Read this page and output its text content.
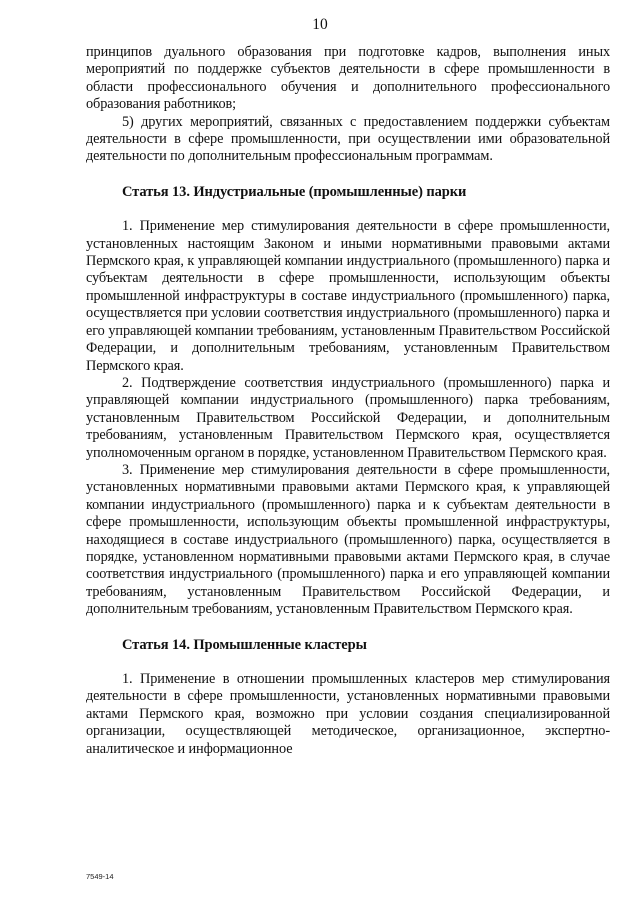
10

принципов дуального образования при подготовке кадров, выполнения иных мероприятий по поддержке субъектов деятельности в сфере промышленности в области профессионального обучения и дополнительного профессионального образования работников;

5) других мероприятий, связанных с предоставлением поддержки субъектам деятельности в сфере промышленности, при осуществлении ими образовательной деятельности по дополнительным профессиональным программам.

Статья 13. Индустриальные (промышленные) парки

1. Применение мер стимулирования деятельности в сфере промышленности, установленных настоящим Законом и иными нормативными правовыми актами Пермского края, к управляющей компании индустриального (промышленного) парка и субъектам деятельности в сфере промышленности, использующим объекты промышленной инфраструктуры в составе индустриального (промышленного) парка, осуществляется при условии соответствия индустриального (промышленного) парка и его управляющей компании требованиям, установленным Правительством Российской Федерации, и дополнительным требованиям, установленным Правительством Пермского края.

2. Подтверждение соответствия индустриального (промышленного) парка и управляющей компании индустриального (промышленного) парка требованиям, установленным Правительством Российской Федерации, и дополнительным требованиям, установленным Правительством Пермского края, осуществляется уполномоченным органом в порядке, установленном Правительством Пермского края.

3. Применение мер стимулирования деятельности в сфере промышленности, установленных нормативными правовыми актами Пермского края, к управляющей компании индустриального (промышленного) парка и к субъектам деятельности в сфере промышленности, использующим объекты промышленной инфраструктуры, находящиеся в составе индустриального (промышленного) парка, осуществляется в порядке, установленном нормативными правовыми актами Пермского края, в случае соответствия индустриального (промышленного) парка и его управляющей компании требованиям, установленным Правительством Российской Федерации, и дополнительным требованиям, установленным Правительством Пермского края.

Статья 14. Промышленные кластеры

1. Применение в отношении промышленных кластеров мер стимулирования деятельности в сфере промышленности, установленных нормативными правовыми актами Пермского края, возможно при условии создания специализированной организации, осуществляющей методическое, организационное, экспертно-аналитическое и информационное

7549-14
